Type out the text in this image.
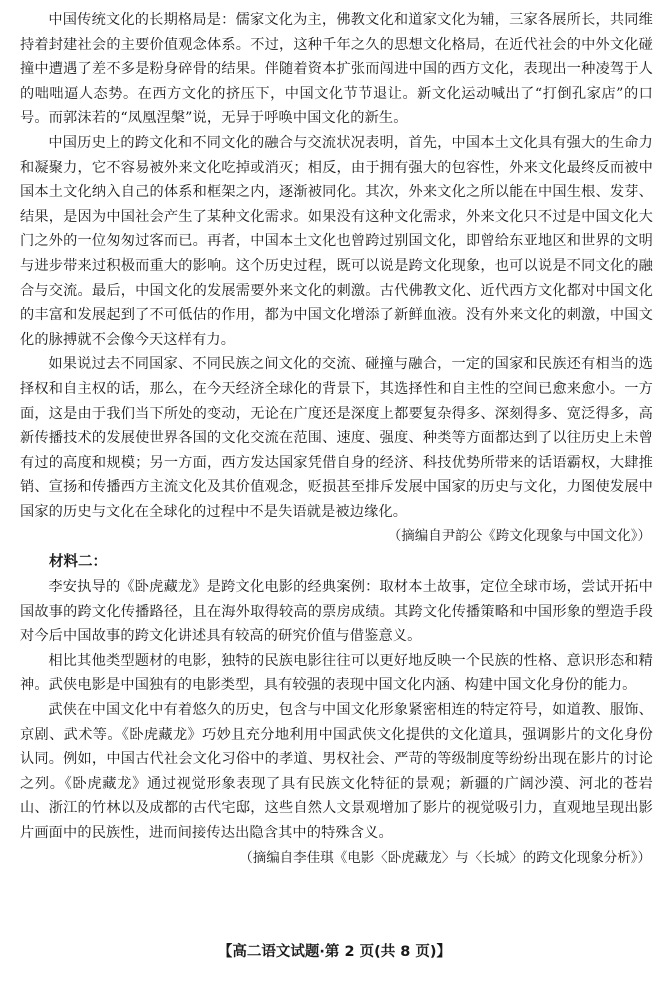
中国传统文化的长期格局是：儒家文化为主，佛教文化和道家文化为辅，三家各展所长，共同维持着封建社会的主要价值观念体系。不过，这种千年之久的思想文化格局，在近代社会的中外文化碰撞中遭遇了差不多是粉身碎骨的结果。伴随着资本扩张而闯进中国的西方文化，表现出一种凌驾于人的咄咄逼人态势。在西方文化的挤压下，中国文化节节退让。新文化运动喊出了“打倒孔家店”的口号。而郭沫若的“凤凰涅槃”说，无异于呼唤中国文化的新生。

中国历史上的跨文化和不同文化的融合与交流状况表明，首先，中国本土文化具有强大的生命力和凝聚力，它不容易被外来文化吃掉或消灭；相反，由于拥有强大的包容性，外来文化最终反而被中国本土文化纳入自己的体系和框架之内，逐渐被同化。其次，外来文化之所以能在中国生根、发芽、结果，是因为中国社会产生了某种文化需求。如果没有这种文化需求，外来文化只不过是中国文化大门之外的一位匆匆过客而已。再者，中国本土文化也曾跨过别国文化，即曾给东亚地区和世界的文明与进步带来过积极而重大的影响。这个历史过程，既可以说是跨文化现象，也可以说是不同文化的融合与交流。最后，中国文化的发展需要外来文化的刺激。古代佛教文化、近代西方文化都对中国文化的丰富和发展起到了不可低估的作用，都为中国文化增添了新鲜血液。没有外来文化的刺激，中国文化的脉搏就不会像今天这样有力。

如果说过去不同国家、不同民族之间文化的交流、碰撞与融合，一定的国家和民族还有相当的选择权和自主权的话，那么，在今天经济全球化的背景下，其选择性和自主性的空间已愈来愈小。一方面，这是由于我们当下所处的变动，无论在广度还是深度上都要复杂得多、深刻得多、宽泛得多，高新传播技术的发展使世界各国的文化交流在范围、速度、强度、种类等方面都达到了以往历史上未曾有过的高度和规模；另一方面，西方发达国家凭借自身的经济、科技优势所带来的话语霸权，大肆推销、宣扬和传播西方主流文化及其价值观念，贬损甚至排斥发展中国家的历史与文化，力图使发展中国家的历史与文化在全球化的过程中不是失语就是被边缘化。

（摘编自尹韵公《跨文化现象与中国文化》）

材料二：

李安执导的《卧虎藏龙》是跨文化电影的经典案例：取材本土故事，定位全球市场，尝试开拓中国故事的跨文化传播路径，且在海外取得较高的票房成绩。其跨文化传播策略和中国形象的塑造手段对今后中国故事的跨文化讲述具有较高的研究价值与借鉴意义。

相比其他类型题材的电影，独特的民族电影往往可以更好地反映一个民族的性格、意识形态和精神。武侠电影是中国独有的电影类型，具有较强的表现中国文化内涵、构建中国文化身份的能力。

武侠在中国文化中有着悠久的历史，包含与中国文化形象紧密相连的特定符号，如道教、服饰、京剧、武术等。《卧虎藏龙》巧妙且充分地利用中国武侠文化提供的文化道具，强调影片的文化身份认同。例如，中国古代社会文化习俗中的孝道、男权社会、严苛的等级制度等纷纷出现在影片的讨论之列。《卧虎藏龙》通过视觉形象表现了具有民族文化特征的景观；新疆的广阔沙漠、河北的苍岩山、浙江的竹林以及成都的古代宅邸，这些自然人文景观增加了影片的视觉吸引力，直观地呈现出影片画面中的民族性，进而间接传达出隐含其中的特殊含义。

（摘编自李佳琪《电影〈卧虎藏龙〉与〈长城〉的跨文化现象分析》）

【高二语文试题·第 2 页(共 8 页)】
